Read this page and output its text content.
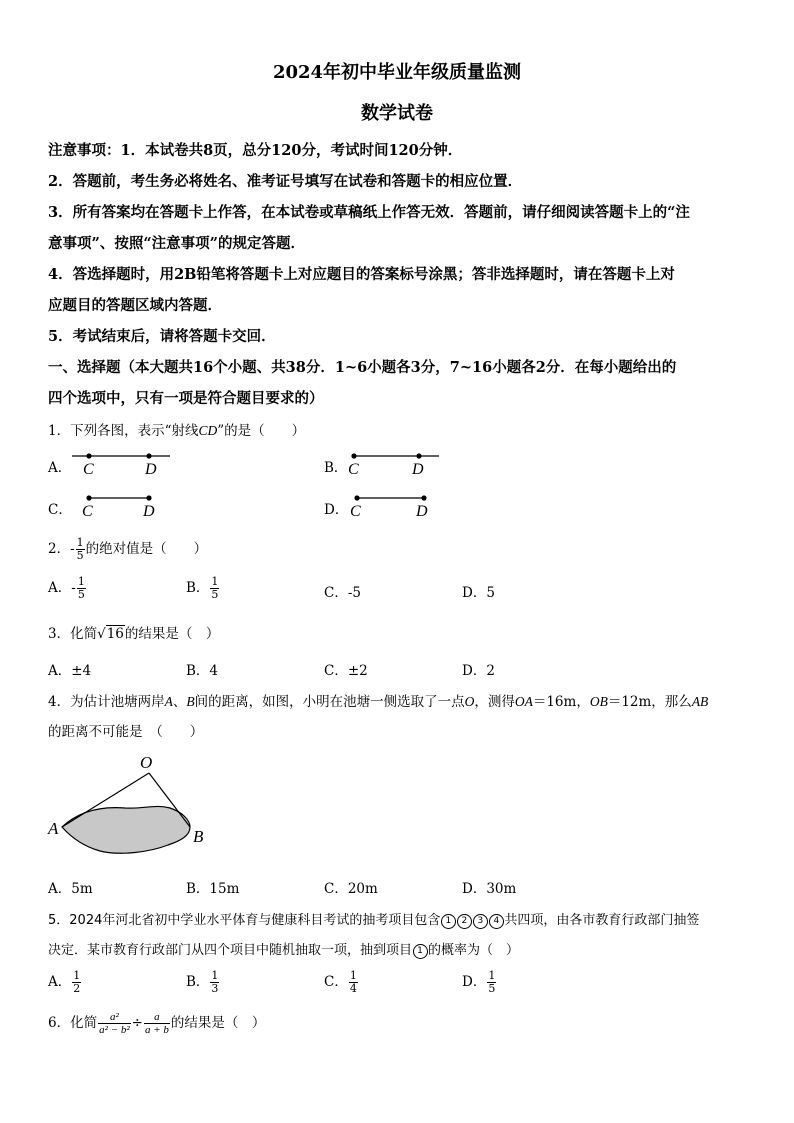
2024年初中毕业年级质量监测
数学试卷
注意事项：1．本试卷共8页，总分120分，考试时间120分钟．
2．答题前，考生务必将姓名、准考证号填写在试卷和答题卡的相应位置．
3．所有答案均在答题卡上作答，在本试卷或草稿纸上作答无效．答题前，请仔细阅读答题卡上的“注
意事项”、按照“注意事项”的规定答题．
4．答选择题时，用2B铅笔将答题卡上对应题目的答案标号涂黑；答非选择题时，请在答题卡上对
应题目的答题区域内答题．
5．考试结束后，请将答题卡交回．
一、选择题（本大题共16个小题、共38分．1~6小题各3分，7~16小题各2分．在每小题给出的
四个选项中，只有一项是符合题目要求的）
1．下列各图，表示“射线CD”的是（　　）
A． C	D	B． C	D
C． C	D	D． C	D
2．- $\frac{1}{5}$ 的绝对值是（　　）
A．- $\frac{1}{5}$	B． $\frac{1}{5}$	C．-5	D．5
3．化简√16的结果是（　）
A．±4	B．4	C．±2	D．2
4．为估计池塘两岸A、B间的距离，如图，小明在池塘一侧选取了一点O，测得OA＝16m，OB＝12m，那么AB
的距离不可能是　（　　）
O
A	B
A．5m	B．15m	C．20m	D．30m
5．2024年河北省初中学业水平体育与健康科目考试的抽考项目包含 1 2 3 4 共四项，由各市教育行政部门抽签
决定．某市教育行政部门从四个项目中随机抽取一项，抽到项目 1 的概率为（　）
A． $\frac{1}{2}$	B． $\frac{1}{3}$	C． $\frac{1}{4}$	D． $\frac{1}{5}$
6．化简 $\frac{\text{a²}}{\text{a² − b²}} \div \frac{a}{a + b}$ 的结果是（　）
